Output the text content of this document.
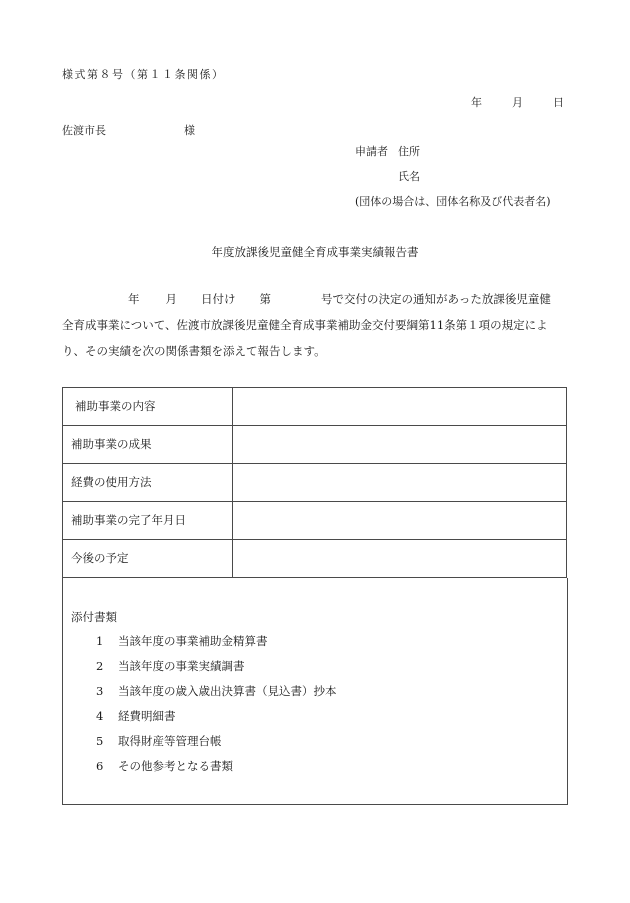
様式第８号（第１１条関係）
年	月	日
佐渡市長	様
申請者 住所
氏名
(団体の場合は、団体名称及び代表者名)
年度放課後児童健全育成事業実績報告書
年 月 日付け 第	号で交付の決定の通知があった放課後児童健
全育成事業について、佐渡市放課後児童健全育成事業補助金交付要綱第11条第１項の規定によ
り、その実績を次の関係書類を添えて報告します。
補助事業の内容	
補助事業の成果	
経費の使用方法	
補助事業の完了年月日	
今後の予定	
添付書類
1 当該年度の事業補助金精算書
2 当該年度の事業実績調書
3 当該年度の歳入歳出決算書（見込書）抄本
4 経費明細書
5 取得財産等管理台帳
6 その他参考となる書類
